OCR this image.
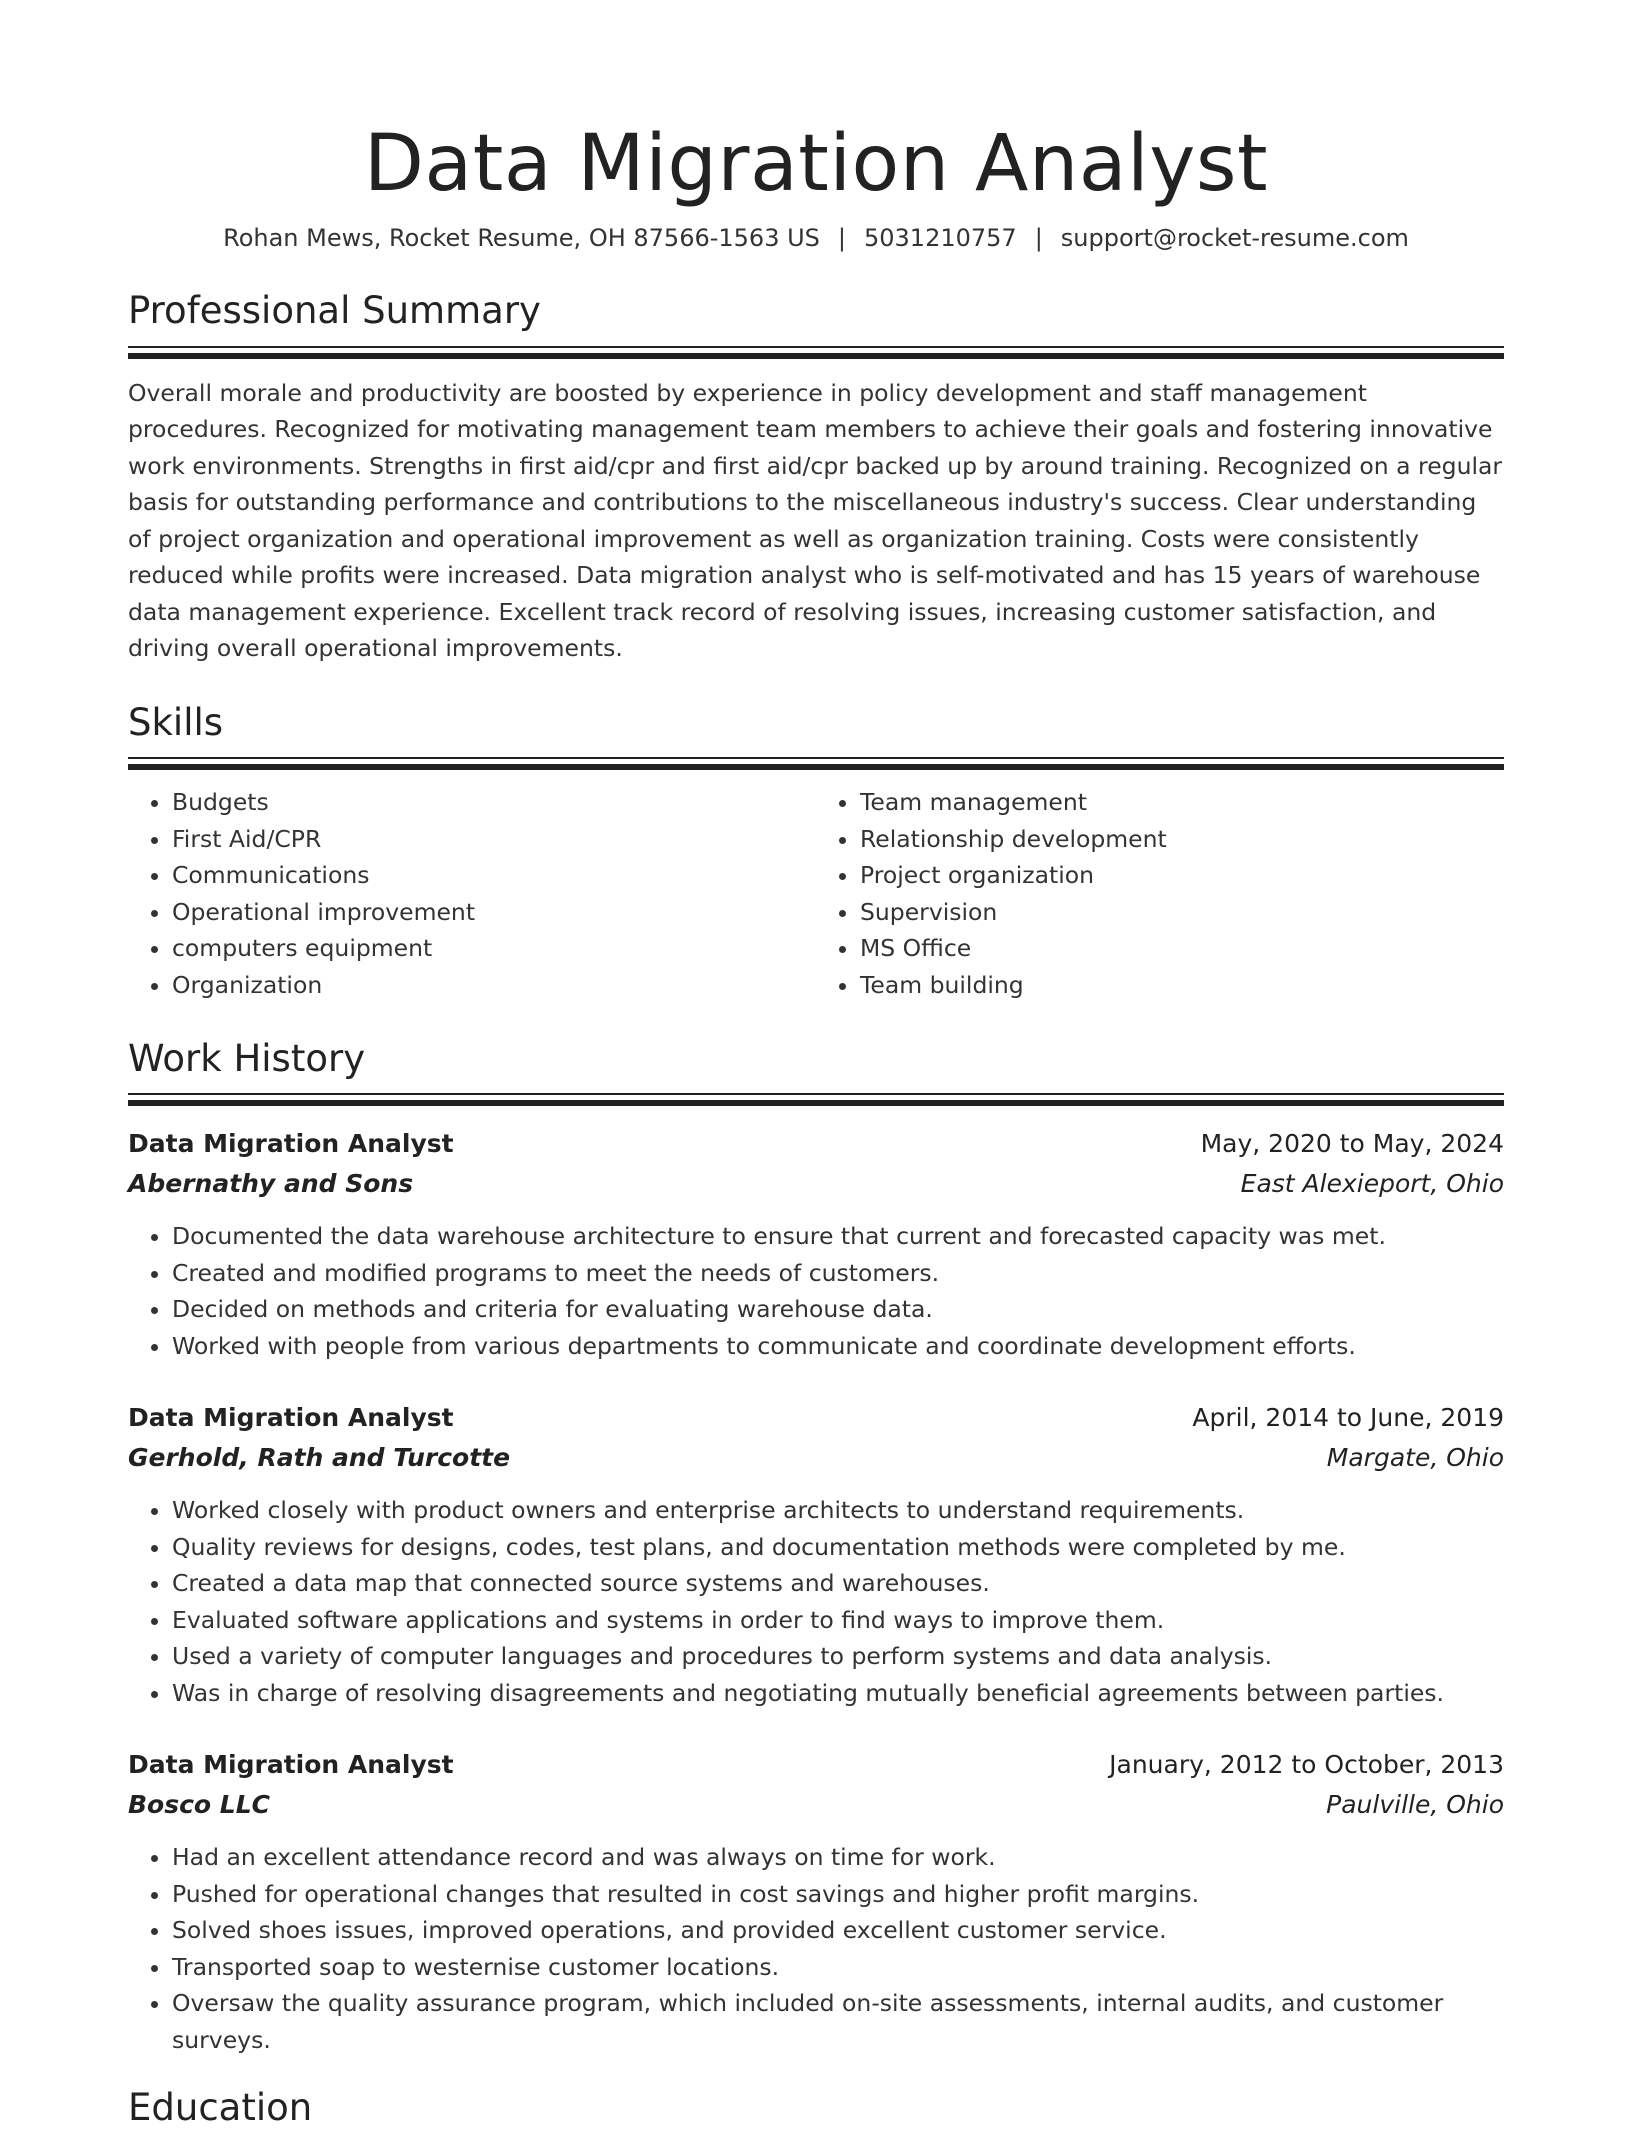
Data Migration Analyst
Rohan Mews, Rocket Resume, OH 87566-1563 US | 5031210757 | support@rocket-resume.com
Professional Summary

Overall morale and productivity are boosted by experience in policy development and staff management procedures. Recognized for motivating management team members to achieve their goals and fostering innovative work environments. Strengths in first aid/cpr and first aid/cpr backed up by around training. Recognized on a regular basis for outstanding performance and contributions to the miscellaneous industry's success. Clear understanding of project organization and operational improvement as well as organization training. Costs were consistently reduced while profits were increased. Data migration analyst who is self-motivated and has 15 years of warehouse data management experience. Excellent track record of resolving issues, increasing customer satisfaction, and driving overall operational improvements.

Skills
• Budgets
• First Aid/CPR
• Communications
• Operational improvement
• computers equipment
• Organization
• Team management
• Relationship development
• Project organization
• Supervision
• MS Office
• Team building
Work History
Data Migration Analyst	May, 2020 to May, 2024
Abernathy and Sons	East Alexieport, Ohio
• Documented the data warehouse architecture to ensure that current and forecasted capacity was met.
• Created and modified programs to meet the needs of customers.
• Decided on methods and criteria for evaluating warehouse data.
• Worked with people from various departments to communicate and coordinate development efforts.
Data Migration Analyst	April, 2014 to June, 2019
Gerhold, Rath and Turcotte	Margate, Ohio
• Worked closely with product owners and enterprise architects to understand requirements.
• Quality reviews for designs, codes, test plans, and documentation methods were completed by me.
• Created a data map that connected source systems and warehouses.
• Evaluated software applications and systems in order to find ways to improve them.
• Used a variety of computer languages and procedures to perform systems and data analysis.
• Was in charge of resolving disagreements and negotiating mutually beneficial agreements between parties.
Data Migration Analyst	January, 2012 to October, 2013
Bosco LLC	Paulville, Ohio
• Had an excellent attendance record and was always on time for work.
• Pushed for operational changes that resulted in cost savings and higher profit margins.
• Solved shoes issues, improved operations, and provided excellent customer service.
• Transported soap to westernise customer locations.
• Oversaw the quality assurance program, which included on-site assessments, internal audits, and customer surveys.
Education
